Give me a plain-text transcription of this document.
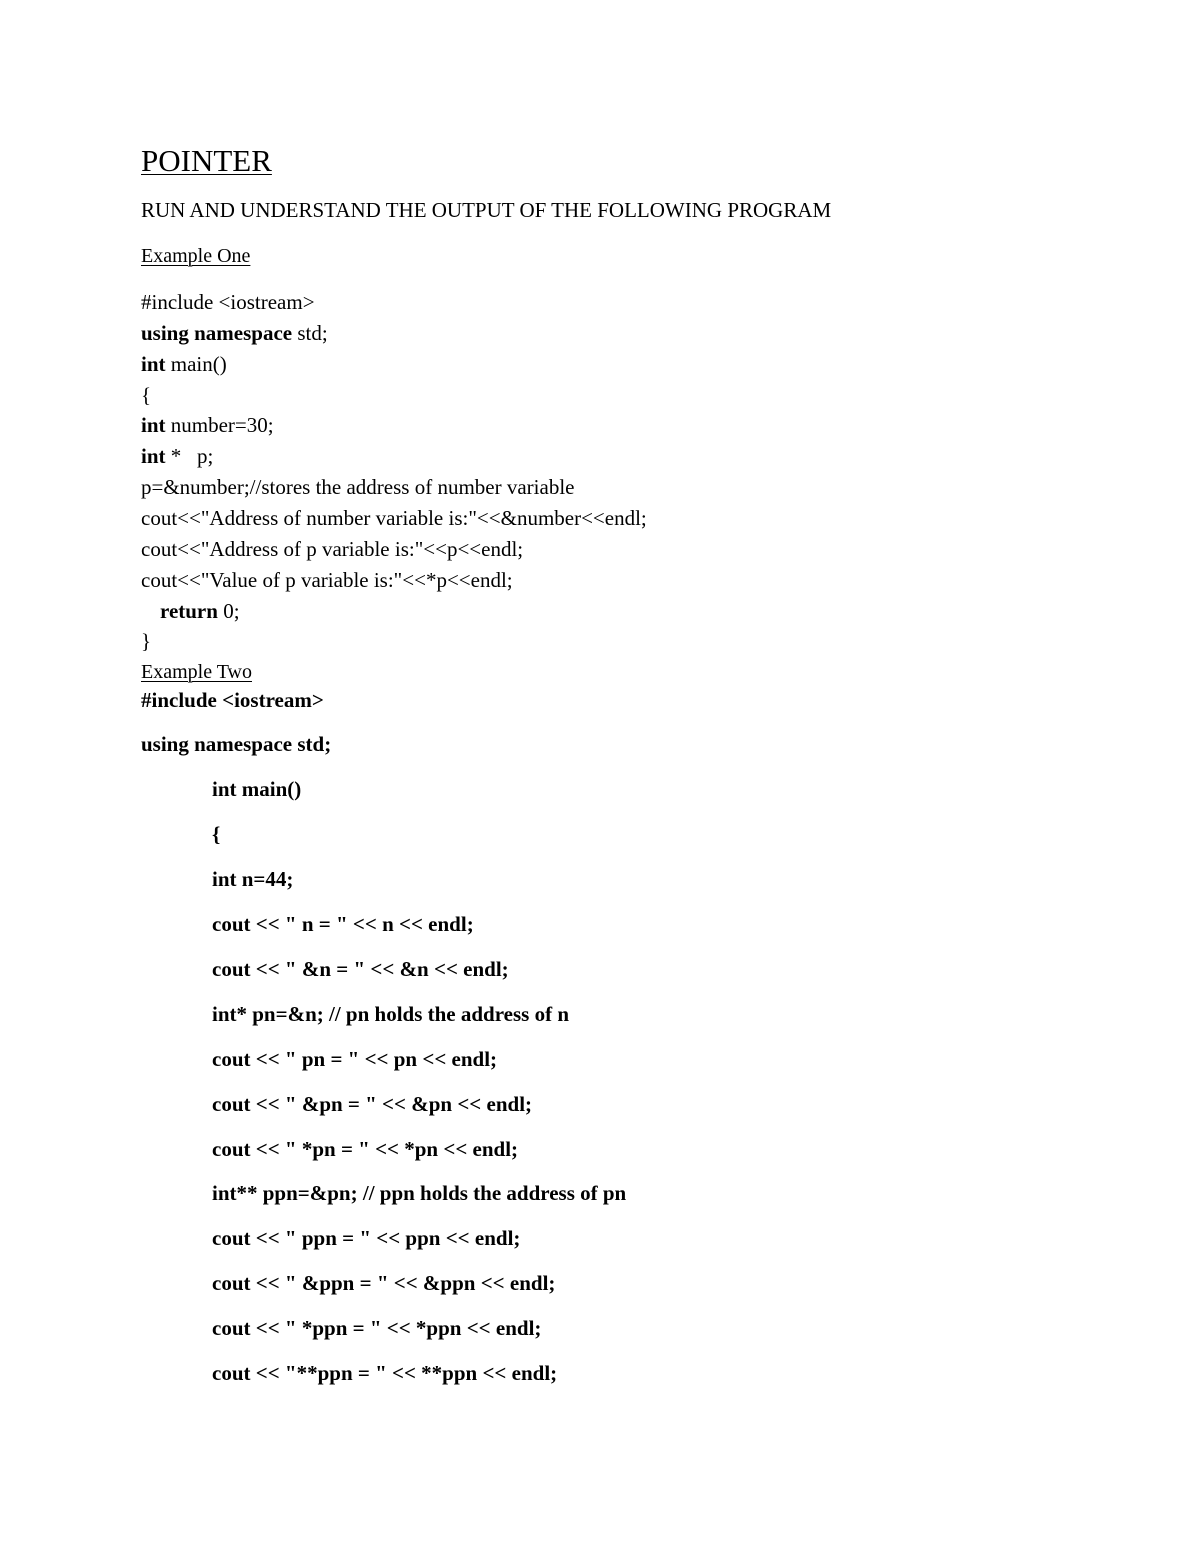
POINTER
RUN AND UNDERSTAND THE OUTPUT OF THE FOLLOWING PROGRAM
Example One
#include <iostream>
using namespace std;
int main()
{
int number=30;
int *   p;
p=&number;//stores the address of number variable
cout<<"Address of number variable is:"<<&number<<endl;
cout<<"Address of p variable is:"<<p<<endl;
cout<<"Value of p variable is:"<<*p<<endl;
return 0;
}
Example Two
#include <iostream>
using namespace std;
int main()
{
int n=44;
cout << " n = " << n << endl;
cout << " &n = " << &n << endl;
int* pn=&n; // pn holds the address of n
cout << " pn = " << pn << endl;
cout << " &pn = " << &pn << endl;
cout << " *pn = " << *pn << endl;
int** ppn=&pn; // ppn holds the address of pn
cout << " ppn = " << ppn << endl;
cout << " &ppn = " << &ppn << endl;
cout << " *ppn = " << *ppn << endl;
cout << "**ppn = " << **ppn << endl;
